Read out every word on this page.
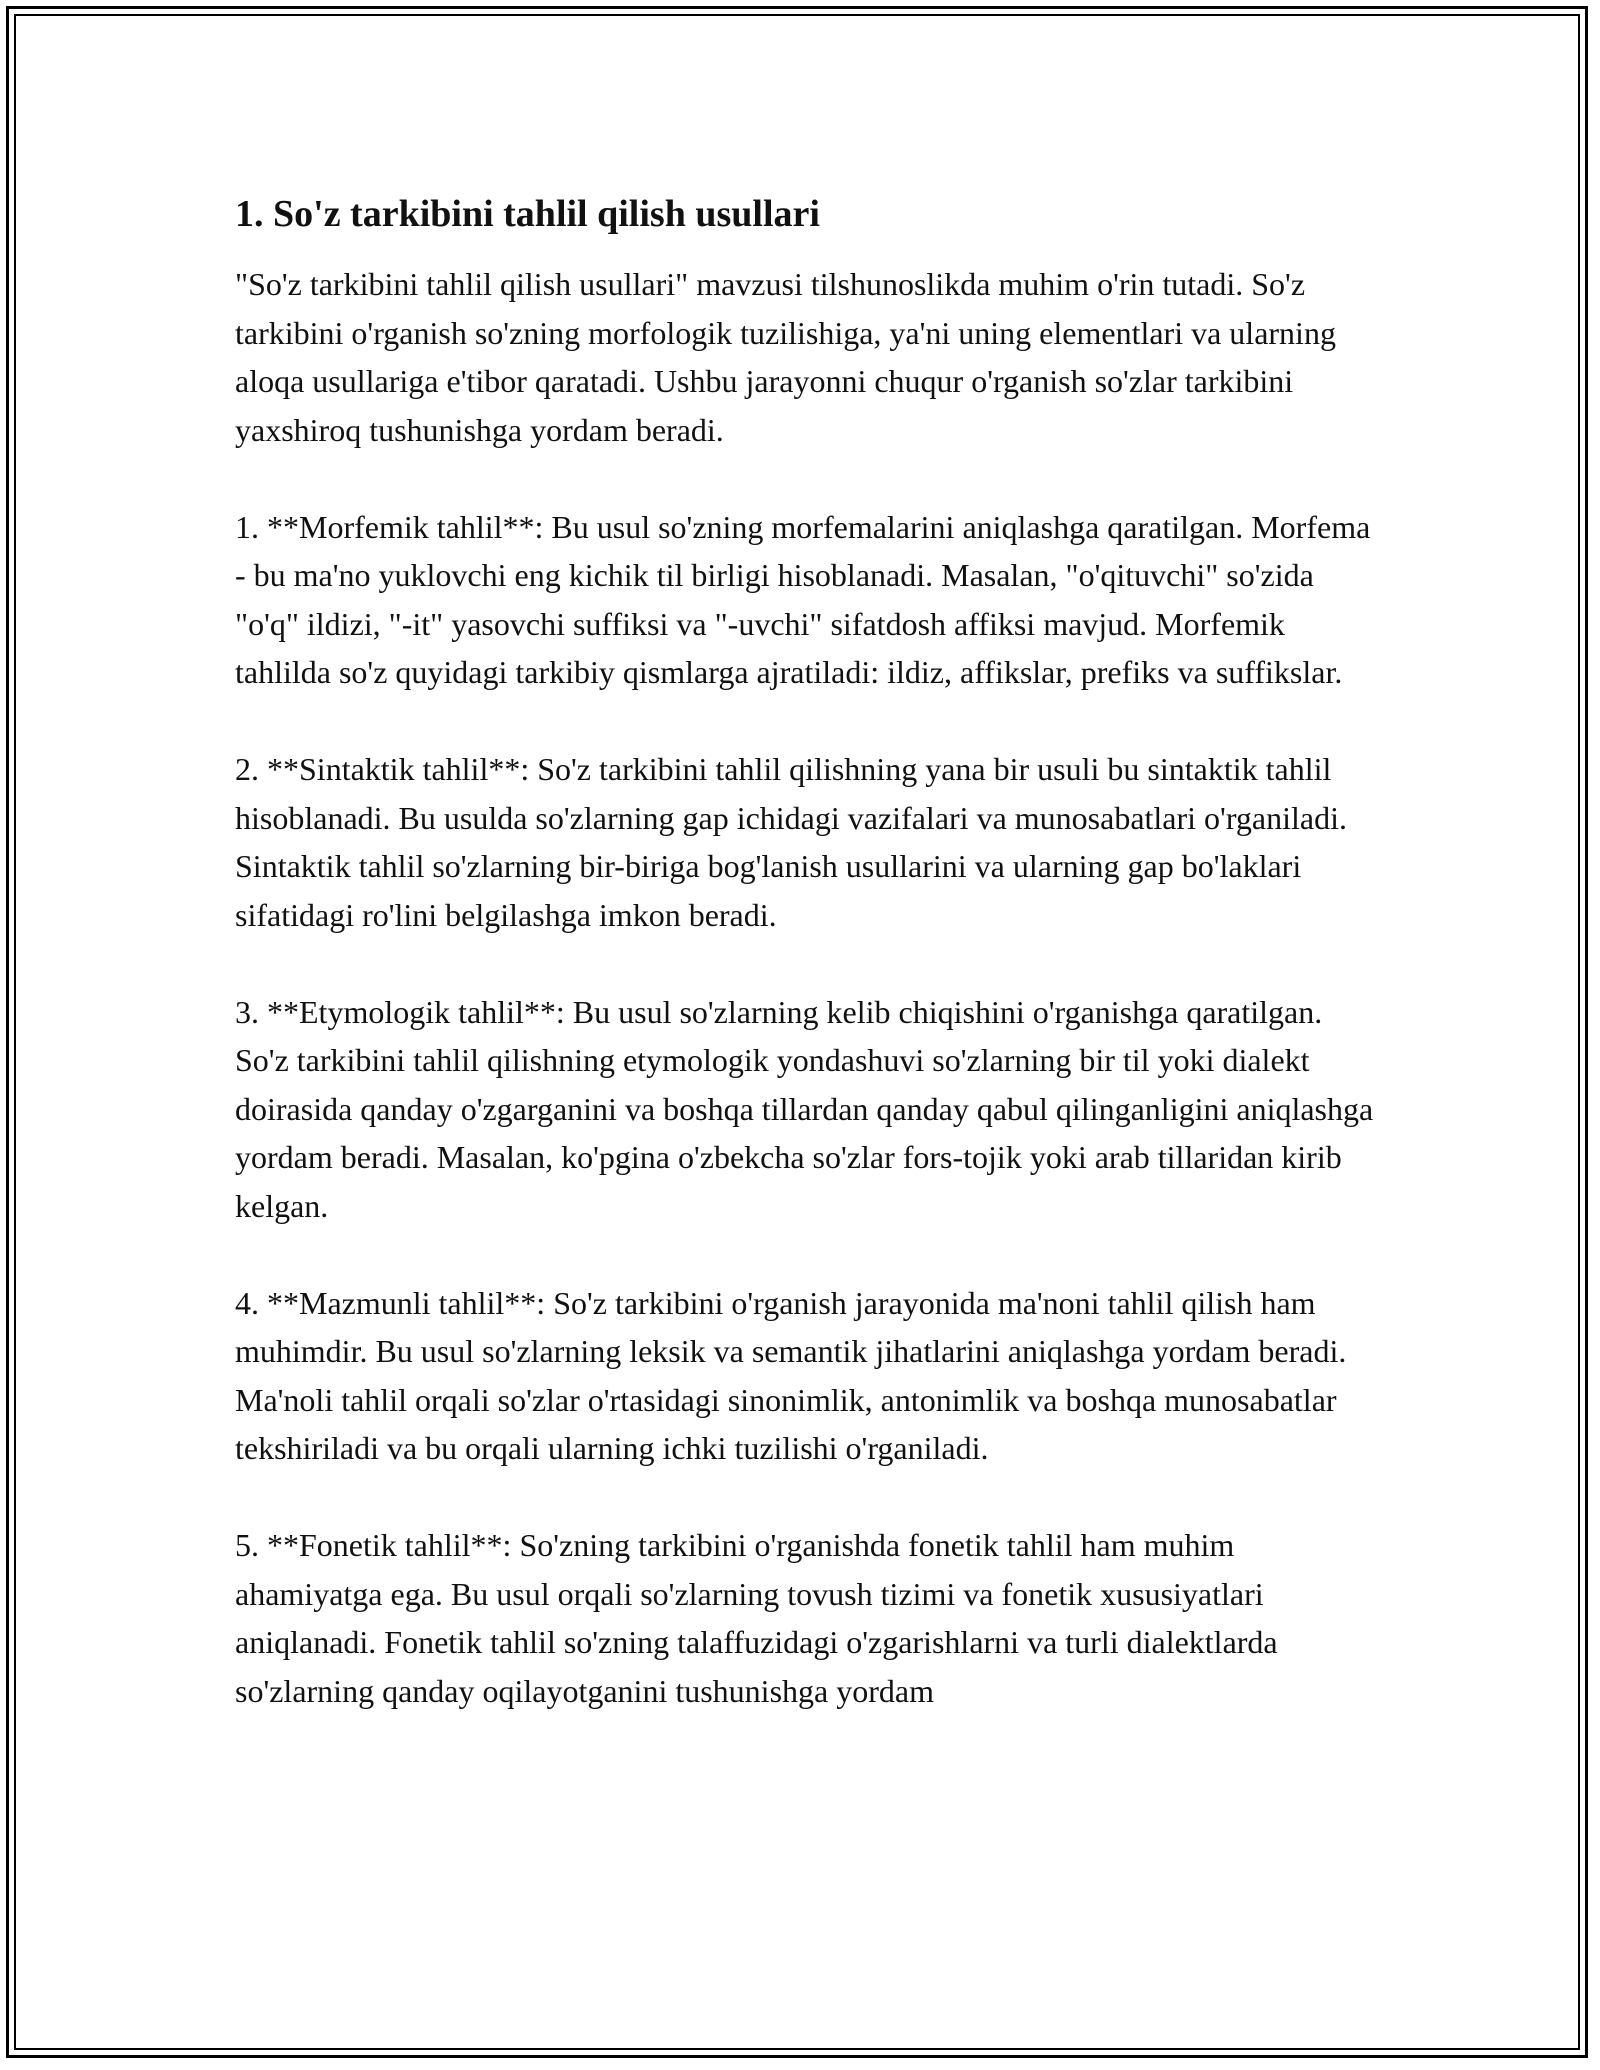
1. So'z tarkibini tahlil qilish usullari

"So'z tarkibini tahlil qilish usullari" mavzusi tilshunoslikda muhim o'rin tutadi. So'z tarkibini o'rganish so'zning morfologik tuzilishiga, ya'ni uning elementlari va ularning aloqa usullariga e'tibor qaratadi. Ushbu jarayonni chuqur o'rganish so'zlar tarkibini yaxshiroq tushunishga yordam beradi.

1. **Morfemik tahlil**: Bu usul so'zning morfemalarini aniqlashga qaratilgan. Morfema - bu ma'no yuklovchi eng kichik til birligi hisoblanadi. Masalan, "o'qituvchi" so'zida "o'q" ildizi, "-it" yasovchi suffiksi va "-uvchi" sifatdosh affiksi mavjud. Morfemik tahlilda so'z quyidagi tarkibiy qismlarga ajratiladi: ildiz, affikslar, prefiks va suffikslar.

2. **Sintaktik tahlil**: So'z tarkibini tahlil qilishning yana bir usuli bu sintaktik tahlil hisoblanadi. Bu usulda so'zlarning gap ichidagi vazifalari va munosabatlari o'rganiladi. Sintaktik tahlil so'zlarning bir-biriga bog'lanish usullarini va ularning gap bo'laklari sifatidagi ro'lini belgilashga imkon beradi.

3. **Etymologik tahlil**: Bu usul so'zlarning kelib chiqishini o'rganishga qaratilgan. So'z tarkibini tahlil qilishning etymologik yondashuvi so'zlarning bir til yoki dialekt doirasida qanday o'zgarganini va boshqa tillardan qanday qabul qilinganligini aniqlashga yordam beradi. Masalan, ko'pgina o'zbekcha so'zlar fors-tojik yoki arab tillaridan kirib kelgan.

4. **Mazmunli tahlil**: So'z tarkibini o'rganish jarayonida ma'noni tahlil qilish ham muhimdir. Bu usul so'zlarning leksik va semantik jihatlarini aniqlashga yordam beradi. Ma'noli tahlil orqali so'zlar o'rtasidagi sinonimlik, antonimlik va boshqa munosabatlar tekshiriladi va bu orqali ularning ichki tuzilishi o'rganiladi.

5. **Fonetik tahlil**: So'zning tarkibini o'rganishda fonetik tahlil ham muhim ahamiyatga ega. Bu usul orqali so'zlarning tovush tizimi va fonetik xususiyatlari aniqlanadi. Fonetik tahlil so'zning talaffuzidagi o'zgarishlarni va turli dialektlarda so'zlarning qanday oqilayotganini tushunishga yordam
